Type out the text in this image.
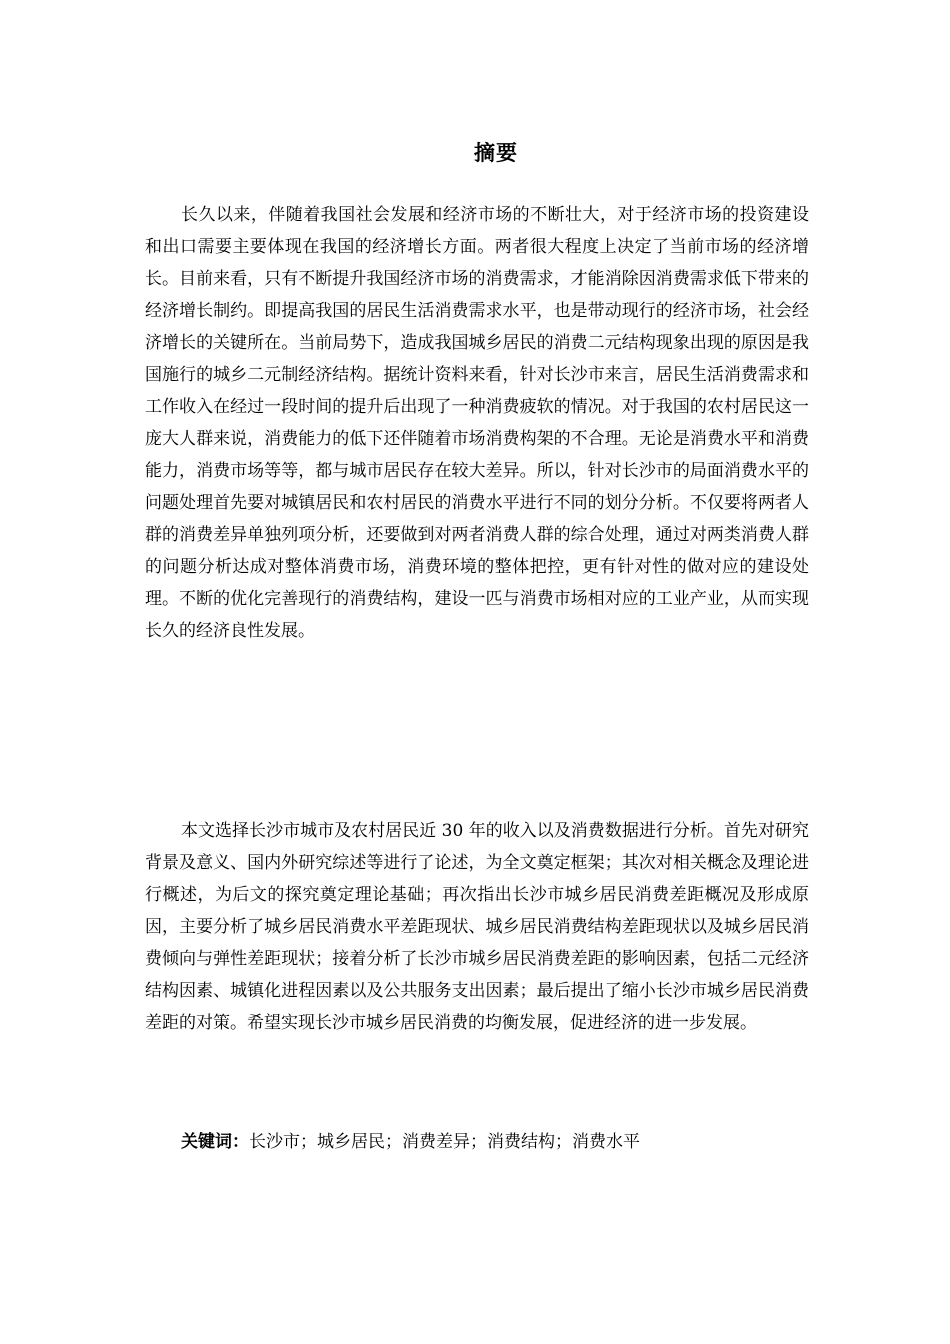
摘要

长久以来，伴随着我国社会发展和经济市场的不断壮大，对于经济市场的投资建设和出口需要主要体现在我国的经济增长方面。两者很大程度上决定了当前市场的经济增长。目前来看，只有不断提升我国经济市场的消费需求，才能消除因消费需求低下带来的经济增长制约。即提高我国的居民生活消费需求水平，也是带动现行的经济市场，社会经济增长的关键所在。当前局势下，造成我国城乡居民的消费二元结构现象出现的原因是我国施行的城乡二元制经济结构。据统计资料来看，针对长沙市来言，居民生活消费需求和工作收入在经过一段时间的提升后出现了一种消费疲软的情况。对于我国的农村居民这一庞大人群来说，消费能力的低下还伴随着市场消费构架的不合理。无论是消费水平和消费能力，消费市场等等，都与城市居民存在较大差异。所以，针对长沙市的局面消费水平的问题处理首先要对城镇居民和农村居民的消费水平进行不同的划分分析。不仅要将两者人群的消费差异单独列项分析，还要做到对两者消费人群的综合处理，通过对两类消费人群的问题分析达成对整体消费市场，消费环境的整体把控，更有针对性的做对应的建设处理。不断的优化完善现行的消费结构，建设一匹与消费市场相对应的工业产业，从而实现长久的经济良性发展。

本文选择长沙市城市及农村居民近 30 年的收入以及消费数据进行分析。首先对研究背景及意义、国内外研究综述等进行了论述，为全文奠定框架；其次对相关概念及理论进行概述，为后文的探究奠定理论基础；再次指出长沙市城乡居民消费差距概况及形成原因，主要分析了城乡居民消费水平差距现状、城乡居民消费结构差距现状以及城乡居民消费倾向与弹性差距现状；接着分析了长沙市城乡居民消费差距的影响因素，包括二元经济结构因素、城镇化进程因素以及公共服务支出因素；最后提出了缩小长沙市城乡居民消费差距的对策。希望实现长沙市城乡居民消费的均衡发展，促进经济的进一步发展。

关键词：长沙市；城乡居民；消费差异；消费结构；消费水平
